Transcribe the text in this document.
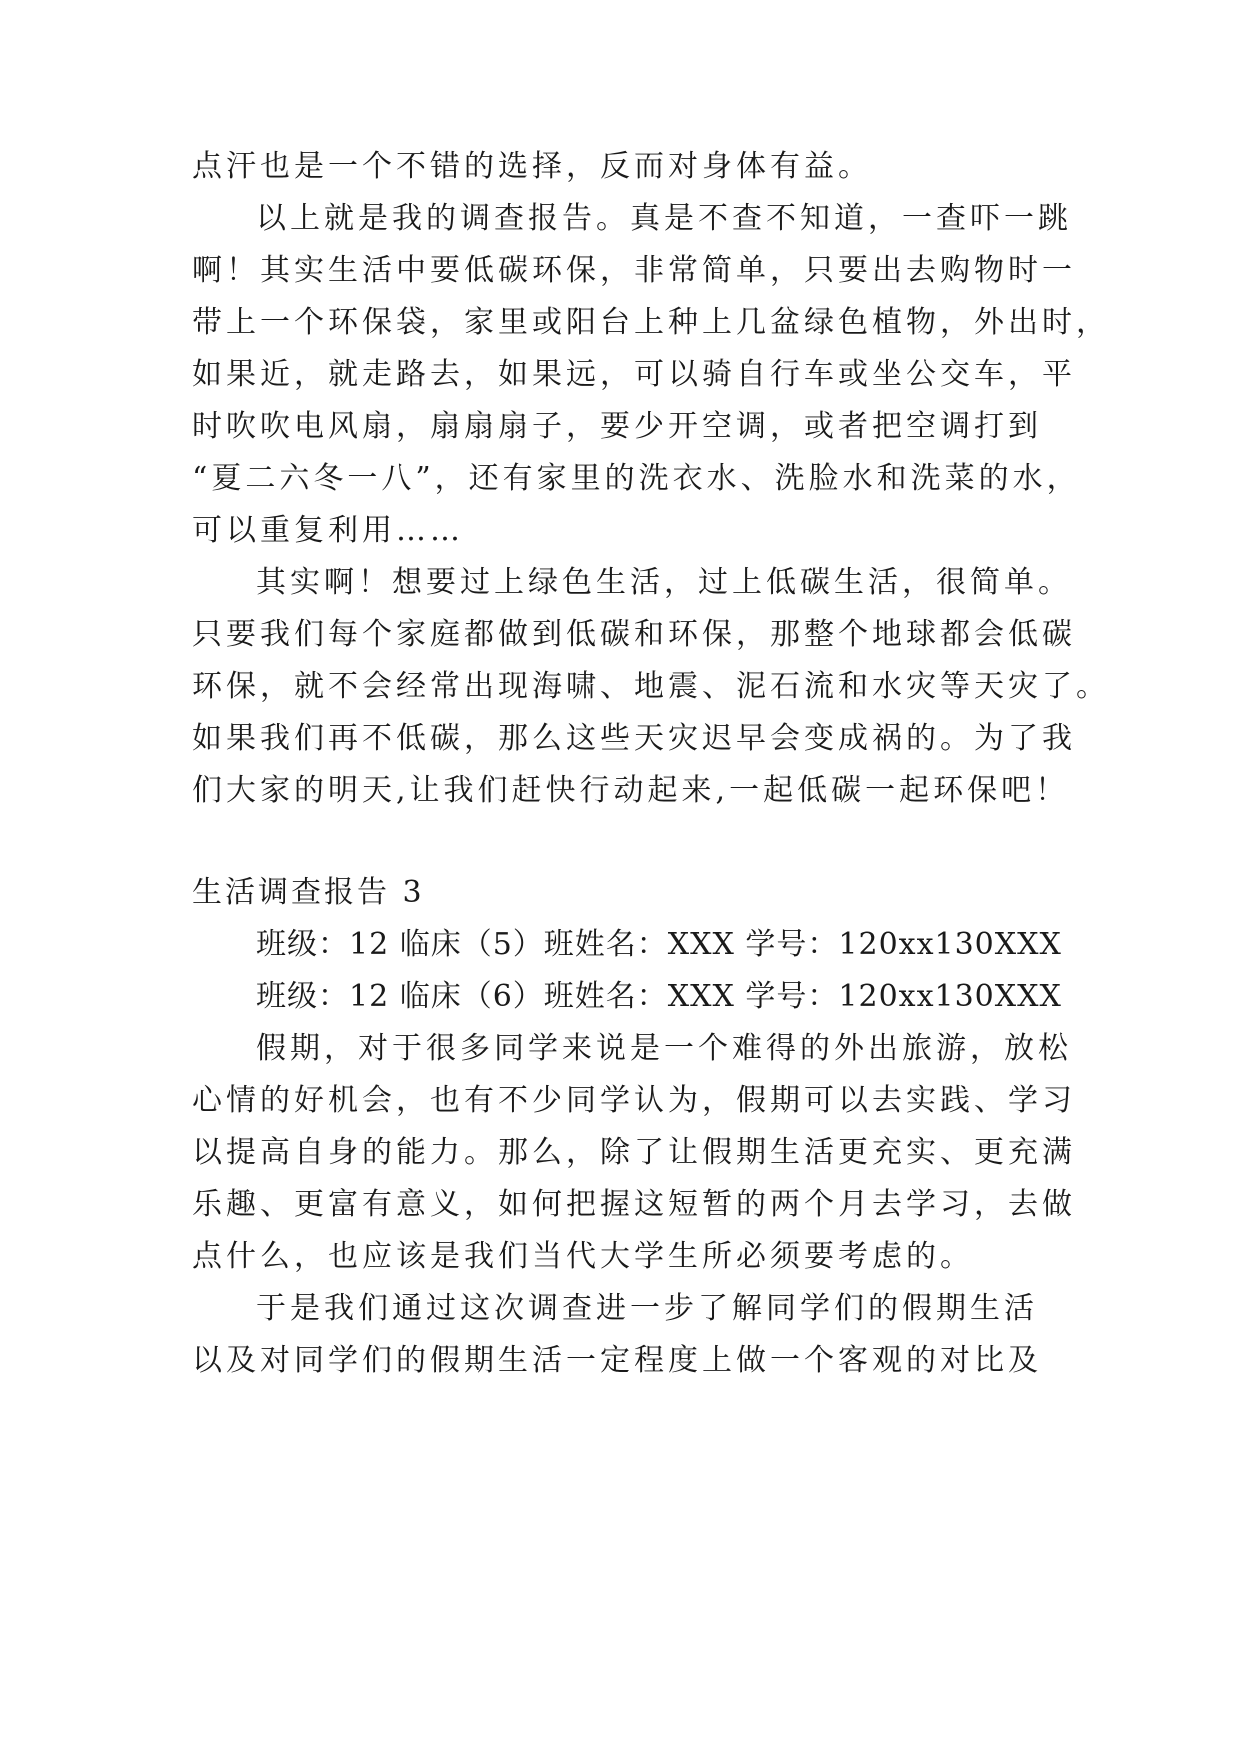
点汗也是一个不错的选择，反而对身体有益。
以上就是我的调查报告。真是不查不知道，一查吓一跳
啊！其实生活中要低碳环保，非常简单，只要出去购物时一
带上一个环保袋，家里或阳台上种上几盆绿色植物，外出时，
如果近，就走路去，如果远，可以骑自行车或坐公交车，平
时吹吹电风扇，扇扇扇子，要少开空调，或者把空调打到
“夏二六冬一八”，还有家里的洗衣水、洗脸水和洗菜的水，
可以重复利用……
其实啊！想要过上绿色生活，过上低碳生活，很简单。
只要我们每个家庭都做到低碳和环保，那整个地球都会低碳
环保，就不会经常出现海啸、地震、泥石流和水灾等天灾了。
如果我们再不低碳，那么这些天灾迟早会变成祸的。为了我
们大家的明天,让我们赶快行动起来,一起低碳一起环保吧！
生活调查报告 3
班级：12 临床（5）班姓名：XXX 学号：120xx130XXX
班级：12 临床（6）班姓名：XXX 学号：120xx130XXX
假期，对于很多同学来说是一个难得的外出旅游，放松
心情的好机会，也有不少同学认为，假期可以去实践、学习
以提高自身的能力。那么，除了让假期生活更充实、更充满
乐趣、更富有意义，如何把握这短暂的两个月去学习，去做
点什么，也应该是我们当代大学生所必须要考虑的。
于是我们通过这次调查进一步了解同学们的假期生活
以及对同学们的假期生活一定程度上做一个客观的对比及
